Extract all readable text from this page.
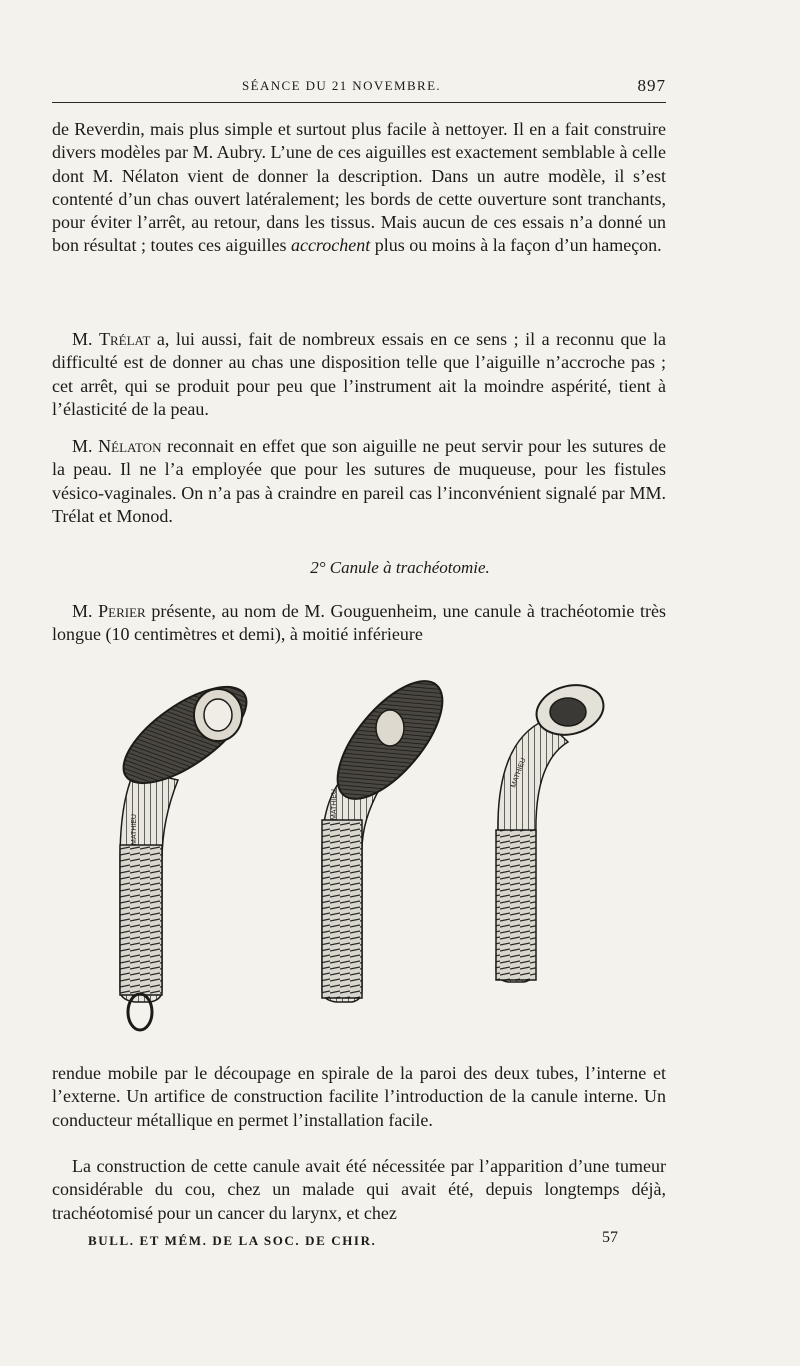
SÉANCE DU 21 NOVEMBRE.	897

de Reverdin, mais plus simple et surtout plus facile à nettoyer. Il en a fait construire divers modèles par M. Aubry. L’une de ces aiguilles est exactement semblable à celle dont M. Nélaton vient de donner la description. Dans un autre modèle, il s’est contenté d’un chas ouvert latéralement; les bords de cette ouverture sont tranchants, pour éviter l’arrêt, au retour, dans les tissus. Mais aucun de ces essais n’a donné un bon résultat ; toutes ces aiguilles accrochent plus ou moins à la façon d’un hameçon.

M. Trélat a, lui aussi, fait de nombreux essais en ce sens ; il a reconnu que la difficulté est de donner au chas une disposition telle que l’aiguille n’accroche pas ; cet arrêt, qui se produit pour peu que l’instrument ait la moindre aspérité, tient à l’élasticité de la peau.

M. Nélaton reconnait en effet que son aiguille ne peut servir pour les sutures de la peau. Il ne l’a employée que pour les sutures de muqueuse, pour les fistules vésico-vaginales. On n’a pas à craindre en pareil cas l’inconvénient signalé par MM. Trélat et Monod.

2° Canule à trachéotomie.

M. Perier présente, au nom de M. Gouguenheim, une canule à trachéotomie très longue (10 centimètres et demi), à moitié inférieure

MATHIEU
MATHIEU
MATHIEU

rendue mobile par le découpage en spirale de la paroi des deux tubes, l’interne et l’externe. Un artifice de construction facilite l’introduction de la canule interne. Un conducteur métallique en permet l’installation facile.

La construction de cette canule avait été nécessitée par l’apparition d’une tumeur considérable du cou, chez un malade qui avait été, depuis longtemps déjà, trachéotomisé pour un cancer du larynx, et chez

BULL. ET MÉM. DE LA SOC. DE CHIR.	57
